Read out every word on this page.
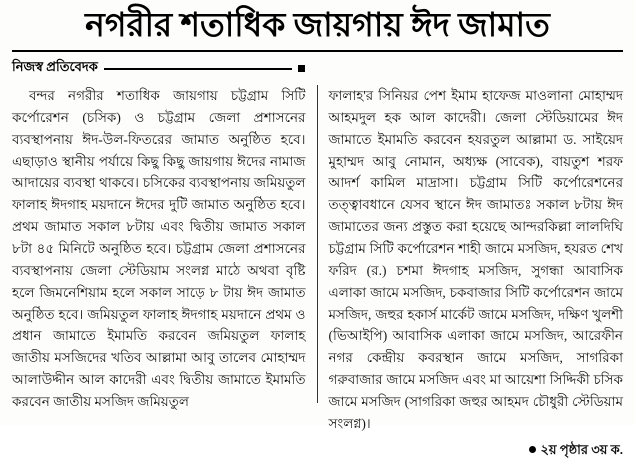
নগরীর শতাধিক জায়গায় ঈদ জামাত
নিজস্ব প্রতিবেদক

বন্দর নগরীর শতাধিক জায়গায় চট্টগ্রাম সিটি কর্পোরেশন (চসিক) ও চট্টগ্রাম জেলা প্রশাসনের ব্যবস্থাপনায় ঈদ-উল-ফিতরের জামাত অনুষ্ঠিত হবে। এছাড়াও স্থানীয় পর্যায়ে কিছু কিছু জায়গায় ঈদের নামাজ আদায়ের ব্যবস্থা থাকবে। চসিকের ব্যবস্থাপনায় জমিয়তুল ফালাহ ঈদগাহ ময়দানে ঈদের দুটি জামাত অনুষ্ঠিত হবে। প্রথম জামাত সকাল ৮টায় এবং দ্বিতীয় জামাত সকাল ৮টা ৪৫ মিনিটে অনুষ্ঠিত হবে। চট্টগ্রাম জেলা প্রশাসনের ব্যবস্থাপনায় জেলা স্টেডিয়াম সংলগ্ন মাঠে অথবা বৃষ্টি হলে জিমনেশিয়াম হলে সকাল সাড়ে ৮ টায় ঈদ জামাত অনুষ্ঠিত হবে। জমিয়তুল ফালাহ ঈদগাহ ময়দানে প্রথম ও প্রধান জামাতে ইমামতি করবেন জমিয়তুল ফালাহ জাতীয় মসজিদের খতিব আল্লামা আবু তালেব মোহাম্মদ আলাউদ্দীন আল কাদেরী এবং দ্বিতীয় জামাতে ইমামতি করবেন জাতীয় মসজিদ জমিয়তুল

ফালাহ'র সিনিয়র পেশ ইমাম হাফেজ মাওলানা মোহাম্মদ আহমদুল হক আল কাদেরী। জেলা স্টেডিয়ামের ঈদ জামাতে ইমামতি করবেন হযরতুল আল্লামা ড. সাইয়েদ মুহাম্মদ আবু নোমান, অধ্যক্ষ (সাবেক), বায়তুশ শরফ আদর্শ কামিল মাদ্রাসা। চট্টগ্রাম সিটি কর্পোরেশনের তত্ত্বাবধানে যেসব স্থানে ঈদ জামাতঃ সকাল ৮টায় ঈদ জামাতের জন্য প্রস্তুত করা হয়েছে আন্দরকিল্লা লালদিঘি চট্টগ্রাম সিটি কর্পোরেশন শাহী জামে মসজিদ, হযরত শেখ ফরিদ (র.) চশমা ঈদগাহ মসজিদ, সুগন্ধা আবাসিক এলাকা জামে মসজিদ, চকবাজার সিটি কর্পোরেশন জামে মসজিদ, জহুর হকার্স মার্কেট জামে মসজিদ, দক্ষিণ খুলশী (ভিআইপি) আবাসিক এলাকা জামে মসজিদ, আরেফীন নগর কেন্দ্রীয় কবরস্থান জামে মসজিদ, সাগরিকা গরুবাজার জামে মসজিদ এবং মা আয়েশা সিদ্দিকী চসিক জামে মসজিদ (সাগরিকা জহুর আহমদ চৌধুরী স্টেডিয়াম সংলগ্ন)।

২য় পৃষ্ঠার ৩য় ক.
